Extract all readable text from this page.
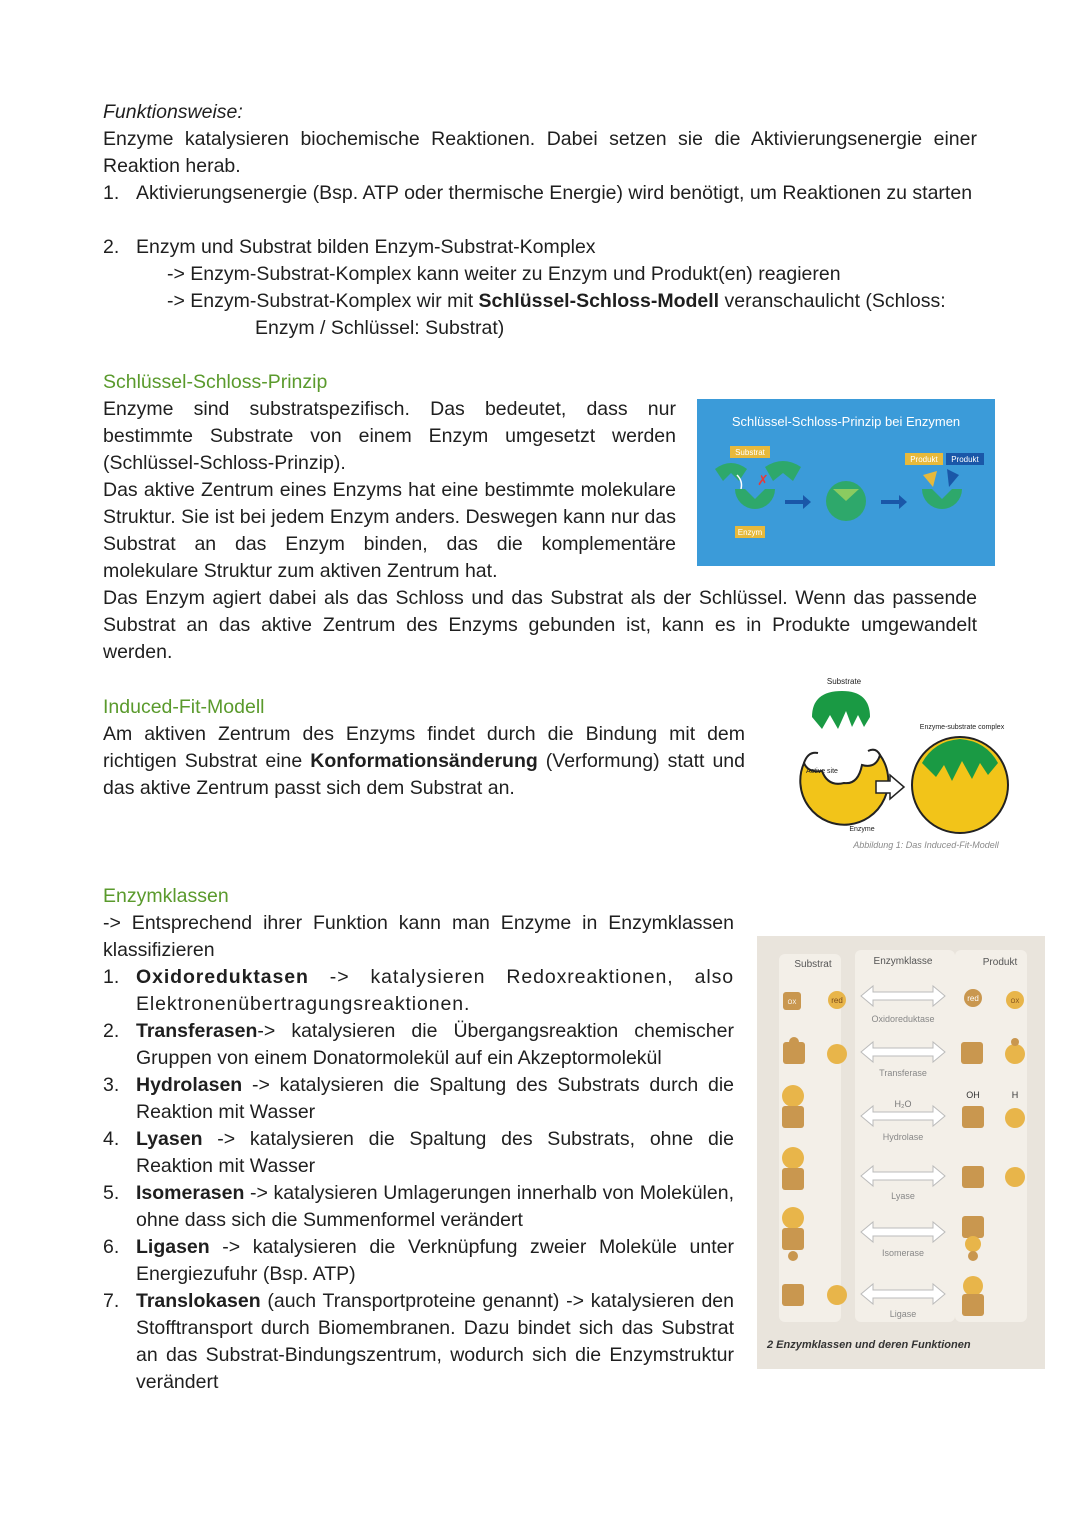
Funktionsweise:
Enzyme katalysieren biochemische Reaktionen. Dabei setzen sie die Aktivierungsenergie einer Reaktion herab.
1. Aktivierungsenergie (Bsp. ATP oder thermische Energie) wird benötigt, um Reaktionen zu starten
2. Enzym und Substrat bilden Enzym-Substrat-Komplex
-> Enzym-Substrat-Komplex kann weiter zu Enzym und Produkt(en) reagieren
-> Enzym-Substrat-Komplex wir mit Schlüssel-Schloss-Modell veranschaulicht (Schloss:
Enzym / Schlüssel: Substrat)
Schlüssel-Schloss-Prinzip
Enzyme sind substratspezifisch. Das bedeutet, dass nur bestimmte Substrate von einem Enzym umgesetzt werden (Schlüssel-Schloss-Prinzip).
Das aktive Zentrum eines Enzyms hat eine bestimmte molekulare Struktur. Sie ist bei jedem Enzym anders. Deswegen kann nur das Substrat an das Enzym binden, das die komplementäre molekulare Struktur zum aktiven Zentrum hat.
Das Enzym agiert dabei als das Schloss und das Substrat als der Schlüssel. Wenn das passende Substrat an das aktive Zentrum des Enzyms gebunden ist, kann es in Produkte umgewandelt werden.
Schlüssel-Schloss-Prinzip bei Enzymen
Substrat
✗
Enzym
Produkt Produkt
Induced-Fit-Modell
Am aktiven Zentrum des Enzyms findet durch die Bindung mit dem richtigen Substrat eine Konformationsänderung (Verformung) statt und das aktive Zentrum passt sich dem Substrat an.
Substrate
Active site
Enzyme-substrate complex
Enzyme
Abbildung 1: Das Induced-Fit-Modell
Enzymklassen
-> Entsprechend ihrer Funktion kann man Enzyme in Enzymklassen klassifizieren
1. Oxidoreduktasen -> katalysieren Redoxreaktionen, also Elektronenübertragungsreaktionen.
2. Transferasen-> katalysieren die Übergangsreaktion chemischer Gruppen von einem Donatormolekül auf ein Akzeptormolekül
3. Hydrolasen -> katalysieren die Spaltung des Substrats durch die Reaktion mit Wasser
4. Lyasen -> katalysieren die Spaltung des Substrats, ohne die Reaktion mit Wasser
5. Isomerasen -> katalysieren Umlagerungen innerhalb von Molekülen, ohne dass sich die Summenformel verändert
6. Ligasen -> katalysieren die Verknüpfung zweier Moleküle unter Energiezufuhr (Bsp. ATP)
7. Translokasen (auch Transportproteine genannt) -> katalysieren den Stofftransport durch Biomembranen. Dazu bindet sich das Substrat an das Substrat-Bindungszentrum, wodurch sich die Enzymstruktur verändert
Substrat	Enzymklasse	Produkt
OX	red	red	OX
Oxidoreduktase
Transferase
H₂O
Hydrolase
OH	H
Lyase
Isomerase
Ligase
2 Enzymklassen und deren Funktionen
